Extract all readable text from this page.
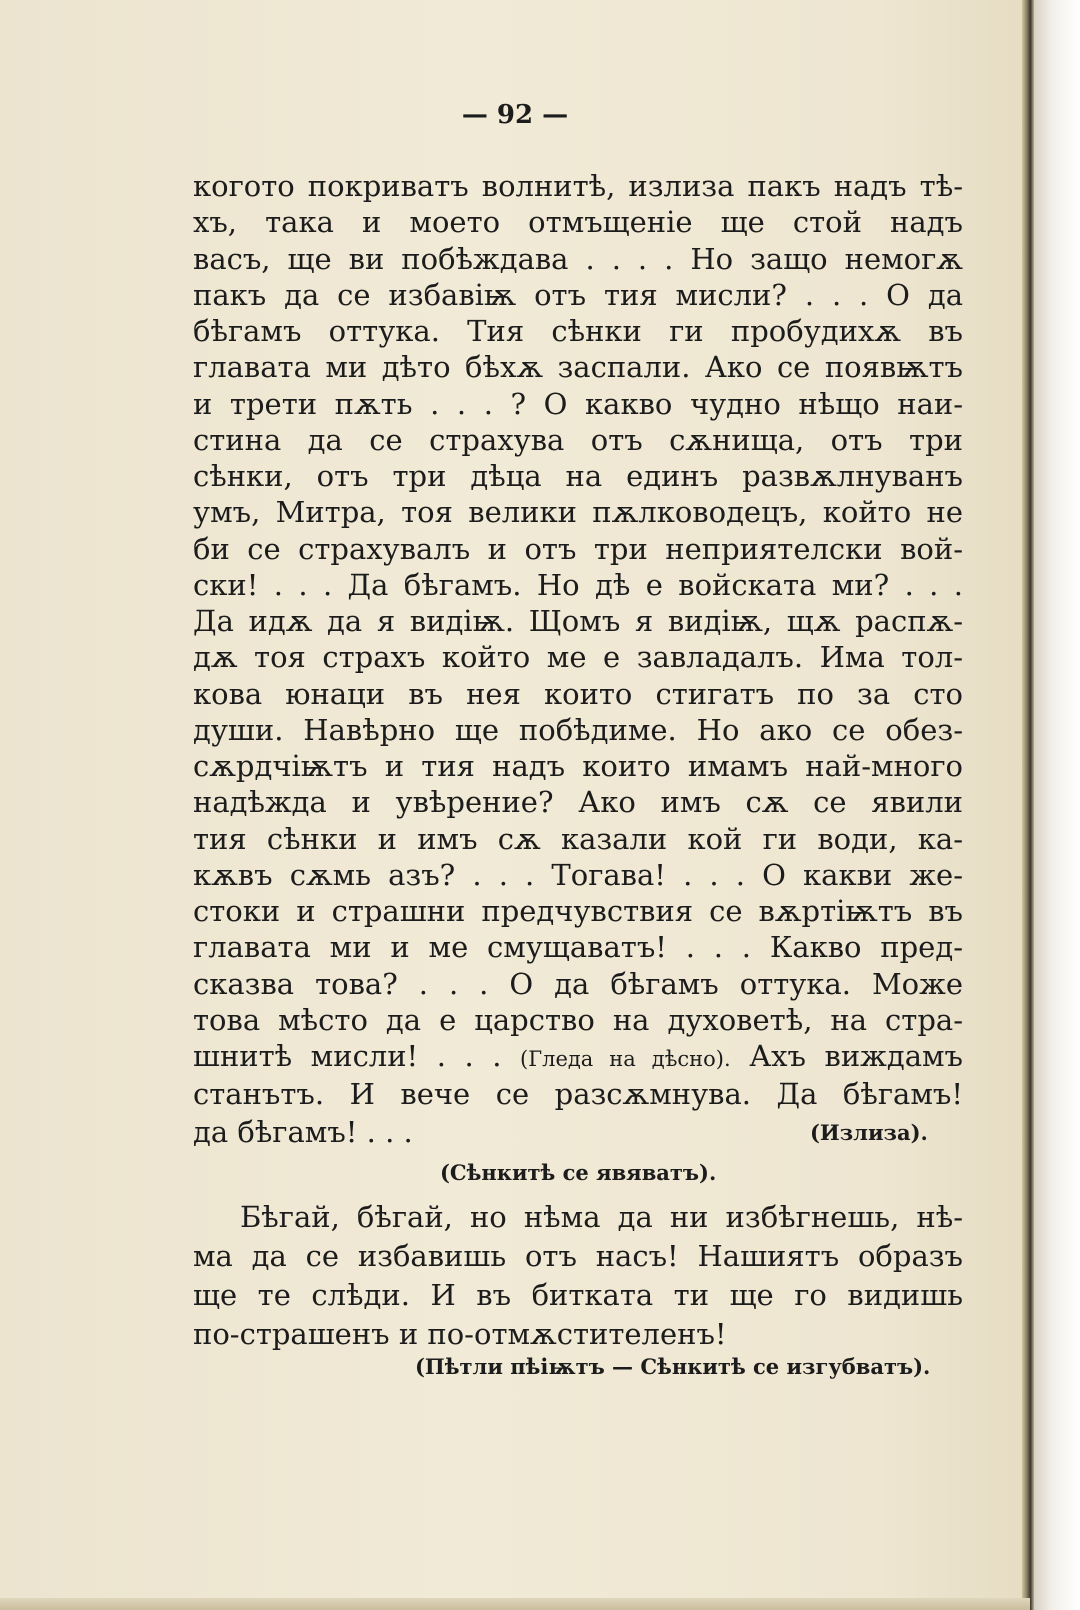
— 92 —
когото покриватъ волнитѣ, излиза пакъ надъ тѣ-
хъ, така и моето отмъщенiе ще стой надъ
васъ, ще ви побѣждава . . . . Но защо немогѫ
пакъ да се избавiѭ отъ тия мисли? . . . О да
бѣгамъ оттука. Тия сѣнки ги пробудихѫ въ
главата ми дѣто бѣхѫ заспали. Ако се появѭтъ
и трети пѫть . . . ? О какво чудно нѣщо наи-
стина да се страхува отъ сѫнища, отъ три
сѣнки, отъ три дѣца на единъ развѫлнуванъ
умъ, Митра, тоя велики пѫлководецъ, който не
би се страхувалъ и отъ три неприятелски вой-
ски! . . . Да бѣгамъ. Но дѣ е войската ми? . . .
Да идѫ да я видiѭ. Щомъ я видiѭ, щѫ распѫ-
дѫ тоя страхъ който ме е завладалъ. Има тол-
кова юнаци въ нея които стигатъ по за сто
души. Навѣрно ще побѣдиме. Но ако се обез-
сѫрдчiѭтъ и тия надъ които имамъ най-много
надѣжда и увѣрение? Ако имъ сѫ се явили
тия сѣнки и имъ сѫ казали кой ги води, ка-
кѫвъ сѫмь азъ? . . . Тогава! . . . О какви же-
стоки и страшни предчувствия се вѫртiѭтъ въ
главата ми и ме смущаватъ! . . . Какво пред-
сказва това? . . . О да бѣгамъ оттука. Може
това мѣсто да е царство на духоветѣ, на стра-
шнитѣ мисли! . . . (Гледа на дѣсно). Ахъ виждамъ
станътъ. И вече се разсѫмнува. Да бѣгамъ!
да бѣгамъ! . . .	(Излиза).
(Сѣнкитѣ се явяватъ).
Бѣгай, бѣгай, но нѣма да ни избѣгнешь, нѣ-
ма да се избавишь отъ насъ! Нашиятъ образъ
ще те слѣди. И въ битката ти ще го видишь
по-страшенъ и по-отмѫстителенъ!
(Пѣтли пѣiѭтъ — Сѣнкитѣ се изгубватъ).
